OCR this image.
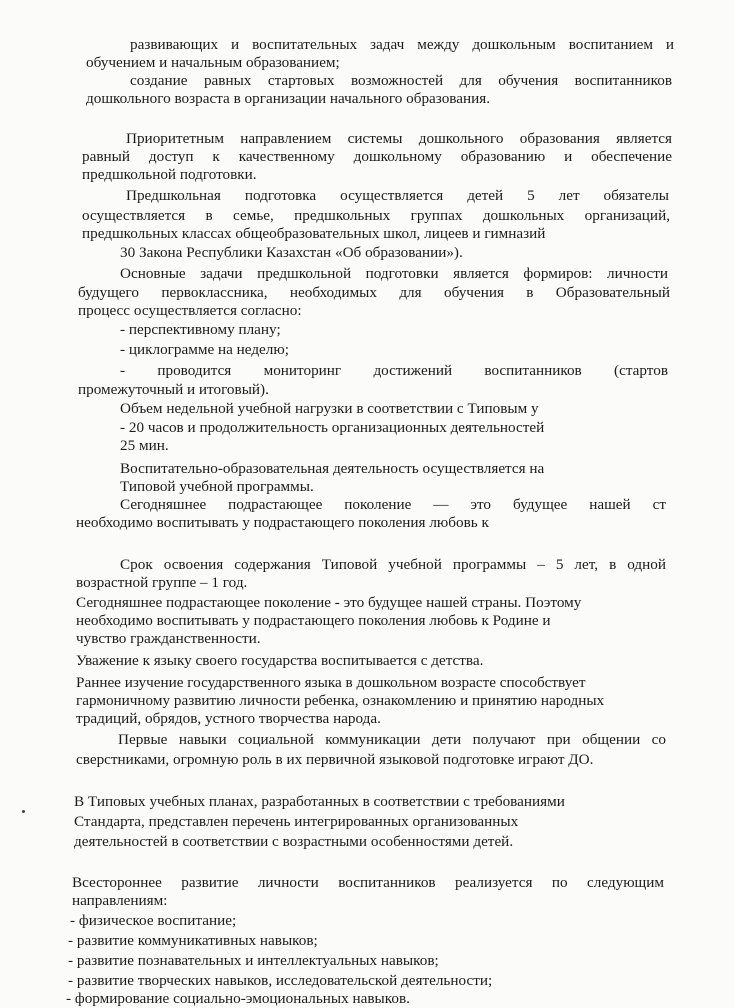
развивающих и воспитательных задач между дошкольным воспитанием и
обучением и начальным образованием;
создание равных стартовых возможностей для обучения воспитанников
дошкольного возраста в организации начального образования.
Приоритетным направлением системы дошкольного образования является
равный доступ к качественному дошкольному образованию и обеспечение
предшкольной подготовки.
Предшкольная подготовка осуществляется детей 5 лет обязателы
осуществляется в семье, предшкольных группах дошкольных организаций,
предшкольных классах общеобразовательных школ, лицеев и гимназий
30 Закона Республики Казахстан «Об образовании»).
Основные задачи предшкольной подготовки является формиров: личности
будущего первоклассника, необходимых для обучения в Образовательный
процесс осуществляется согласно:
- перспективному плану;
- циклограмме на неделю;
- проводится мониторинг достижений воспитанников (стартов
промежуточный и итоговый).
Объем недельной учебной нагрузки в соответствии с Типовым у
- 20 часов и продолжительность организационных деятельностей
25 мин.
Воспитательно-образовательная деятельность осуществляется на
Типовой учебной программы.
Сегодняшнее подрастающее поколение — это будущее нашей ст
необходимо воспитывать у подрастающего поколения любовь к
Срок освоения содержания Типовой учебной программы – 5 лет, в одной
возрастной группе – 1 год.
Сегодняшнее подрастающее поколение - это будущее нашей страны. Поэтому
необходимо воспитывать у подрастающего поколения любовь к Родине и
чувство гражданственности.
Уважение к языку своего государства воспитывается с детства.
Раннее изучение государственного языка в дошкольном возрасте способствует
гармоничному развитию личности ребенка, ознакомлению и принятию народных
традиций, обрядов, устного творчества народа.
Первые навыки социальной коммуникации дети получают при общении со
сверстниками, огромную роль в их первичной языковой подготовке играют ДО.
В Типовых учебных планах, разработанных в соответствии с требованиями
Стандарта, представлен перечень интегрированных организованных
деятельностей в соответствии с возрастными особенностями детей.
Всестороннее развитие личности воспитанников реализуется по следующим
направлениям:
- физическое воспитание;
- развитие коммуникативных навыков;
- развитие познавательных и интеллектуальных навыков;
- развитие творческих навыков, исследовательской деятельности;
- формирование социально-эмоциональных навыков.
